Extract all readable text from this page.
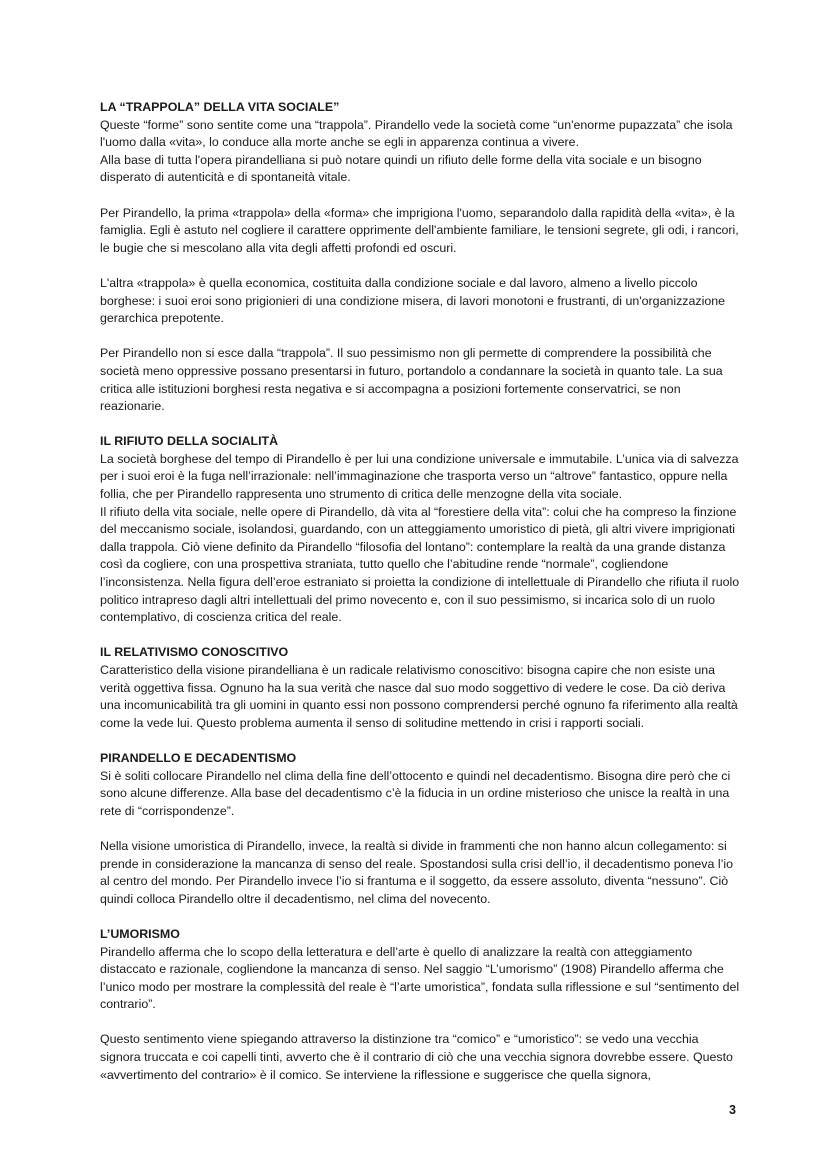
LA “TRAPPOLA” DELLA VITA SOCIALE”

Queste “forme” sono sentite come una “trappola”. Pirandello vede la società come “un'enorme pupazzata” che isola l'uomo dalla «vita», lo conduce alla morte anche se egli in apparenza continua a vivere.

Alla base di tutta l'opera pirandelliana si può notare quindi un rifiuto delle forme della vita sociale e un bisogno disperato di autenticità e di spontaneità vitale.

Per Pirandello, la prima «trappola» della «forma» che imprigiona l'uomo, separandolo dalla rapidità della «vita», è la famiglia. Egli è astuto nel cogliere il carattere opprimente dell'ambiente familiare, le tensioni segrete, gli odi, i rancori, le bugie che si mescolano alla vita degli affetti profondi ed oscuri.

L'altra «trappola» è quella economica, costituita dalla condizione sociale e dal lavoro, almeno a livello piccolo borghese: i suoi eroi sono prigionieri di una condizione misera, di lavori monotoni e frustranti, di un'organizzazione gerarchica prepotente.

Per Pirandello non si esce dalla “trappola”. Il suo pessimismo non gli permette di comprendere la possibilità che società meno oppressive possano presentarsi in futuro, portandolo a condannare la società in quanto tale. La sua critica alle istituzioni borghesi resta negativa e si accompagna a posizioni fortemente conservatrici, se non reazionarie.

IL RIFIUTO DELLA SOCIALITÀ

La società borghese del tempo di Pirandello è per lui una condizione universale e immutabile. L’unica via di salvezza per i suoi eroi è la fuga nell’irrazionale: nell’immaginazione che trasporta verso un “altrove” fantastico, oppure nella follia, che per Pirandello rappresenta uno strumento di critica delle menzogne della vita sociale.

Il rifiuto della vita sociale, nelle opere di Pirandello, dà vita al “forestiere della vita”: colui che ha compreso la finzione del meccanismo sociale, isolandosi, guardando, con un atteggiamento umoristico di pietà, gli altri vivere imprigionati dalla trappola. Ciò viene definito da Pirandello “filosofia del lontano”: contemplare la realtà da una grande distanza così da cogliere, con una prospettiva straniata, tutto quello che l’abitudine rende “normale”, cogliendone l’inconsistenza. Nella figura dell’eroe estraniato si proietta la condizione di intellettuale di Pirandello che rifiuta il ruolo politico intrapreso dagli altri intellettuali del primo novecento e, con il suo pessimismo, si incarica solo di un ruolo contemplativo, di coscienza critica del reale.

IL RELATIVISMO CONOSCITIVO

Caratteristico della visione pirandelliana è un radicale relativismo conoscitivo: bisogna capire che non esiste una verità oggettiva fissa. Ognuno ha la sua verità che nasce dal suo modo soggettivo di vedere le cose. Da ciò deriva una incomunicabilità tra gli uomini in quanto essi non possono comprendersi perché ognuno fa riferimento alla realtà come la vede lui. Questo problema aumenta il senso di solitudine mettendo in crisi i rapporti sociali.

PIRANDELLO E DECADENTISMO

Si è soliti collocare Pirandello nel clima della fine dell’ottocento e quindi nel decadentismo. Bisogna dire però che ci sono alcune differenze. Alla base del decadentismo c’è la fiducia in un ordine misterioso che unisce la realtà in una rete di “corrispondenze”.

Nella visione umoristica di Pirandello, invece, la realtà si divide in frammenti che non hanno alcun collegamento: si prende in considerazione la mancanza di senso del reale. Spostandosi sulla crisi dell’io, il decadentismo poneva l’io al centro del mondo. Per Pirandello invece l’io si frantuma e il soggetto, da essere assoluto, diventa “nessuno”. Ciò quindi colloca Pirandello oltre il decadentismo, nel clima del novecento.

L’UMORISMO

Pirandello afferma che lo scopo della letteratura e dell’arte è quello di analizzare la realtà con atteggiamento distaccato e razionale, cogliendone la mancanza di senso. Nel saggio “L’umorismo” (1908) Pirandello afferma che l’unico modo per mostrare la complessità del reale è “l’arte umoristica”, fondata sulla riflessione e sul “sentimento del contrario”.

Questo sentimento viene spiegando attraverso la distinzione tra “comico” e “umoristico”: se vedo una vecchia signora truccata e coi capelli tinti, avverto che è il contrario di ciò che una vecchia signora dovrebbe essere. Questo «avvertimento del contrario» è il comico. Se interviene la riflessione e suggerisce che quella signora,

3
